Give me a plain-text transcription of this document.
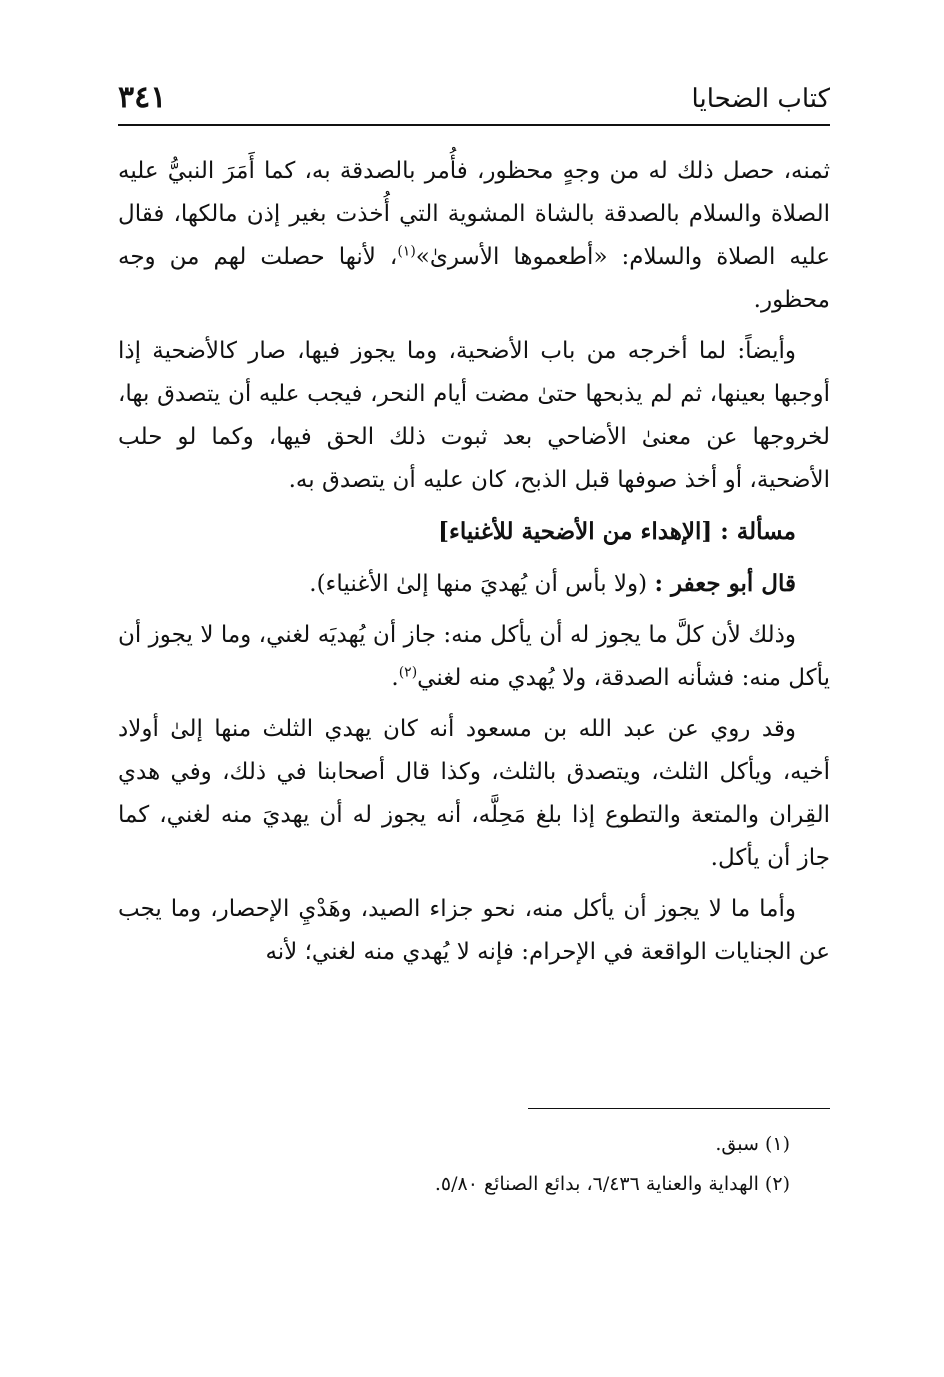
كتاب الضحايا
٣٤١

ثمنه، حصل ذلك له من وجهٍ محظور، فأُمر بالصدقة به، كما أَمَرَ النبيُّ عليه الصلاة والسلام بالصدقة بالشاة المشوية التي أُخذت بغير إذن مالكها، فقال عليه الصلاة والسلام: «أطعموها الأسرىٰ»$^{(١)}$، لأنها حصلت لهم من وجه محظور.

وأيضاً: لما أخرجه من باب الأضحية، وما يجوز فيها، صار كالأضحية إذا أوجبها بعينها، ثم لم يذبحها حتىٰ مضت أيام النحر، فيجب عليه أن يتصدق بها، لخروجها عن معنىٰ الأضاحي بعد ثبوت ذلك الحق فيها، وكما لو حلب الأضحية، أو أخذ صوفها قبل الذبح، كان عليه أن يتصدق به.

مسألة : [الإهداء من الأضحية للأغنياء]

قال أبو جعفر : (ولا بأس أن يُهديَ منها إلىٰ الأغنياء).

وذلك لأن كلَّ ما يجوز له أن يأكل منه: جاز أن يُهديَه لغني، وما لا يجوز أن يأكل منه: فشأنه الصدقة، ولا يُهدي منه لغني$^{(٢)}$.

وقد روي عن عبد الله بن مسعود أنه كان يهدي الثلث منها إلىٰ أولاد أخيه، ويأكل الثلث، ويتصدق بالثلث، وكذا قال أصحابنا في ذلك، وفي هدي القِران والمتعة والتطوع إذا بلغ مَحِلَّه، أنه يجوز له أن يهديَ منه لغني، كما جاز أن يأكل.

وأما ما لا يجوز أن يأكل منه، نحو جزاء الصيد، وهَدْيِ الإحصار، وما يجب عن الجنايات الواقعة في الإحرام: فإنه لا يُهدي منه لغني؛ لأنه

(١) سبق.
(٢) الهداية والعناية ٦/٤٣٦، بدائع الصنائع ٥/٨٠.
